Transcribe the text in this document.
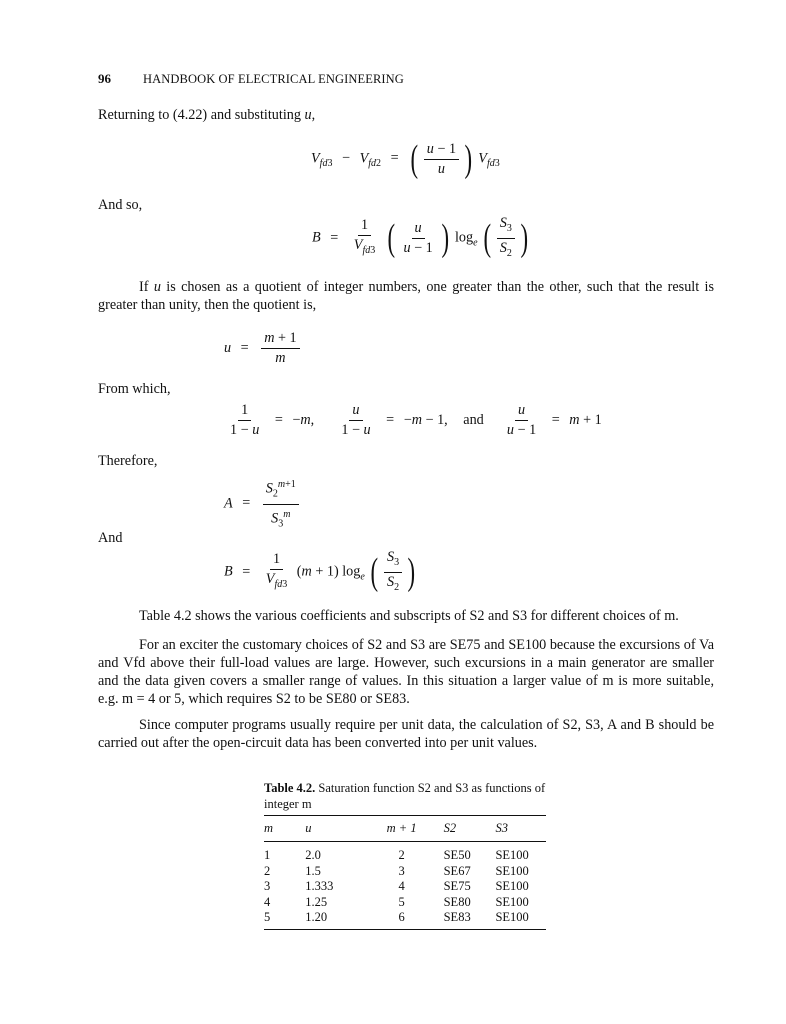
96	HANDBOOK OF ELECTRICAL ENGINEERING
Returning to (4.22) and substituting u,
$V_{fd3} - V_{fd2}$ = ( $\frac{u - 1}{u}$ ) $V_{fd3}$
And so,
$B = \frac{1}{V_{fd3}}$ ( $\frac{u}{u - 1}$ ) $\log_e$ ( $\frac{S_3}{S_2}$ )
If u is chosen as a quotient of integer numbers, one greater than the other, such that the result is greater than unity, then the quotient is,
$u = \frac{m + 1}{m}$
From which,
$\frac{1}{1 - u} = -m$, $\frac{u}{1 - u} = -m - 1$, and $\frac{u}{u - 1} = m + 1$
Therefore,
$A = \frac{S_2^{m+1}}{S_3^m}$
And
$B = \frac{1}{V_{fd3}} (m + 1)$ $\log_e$ ( $\frac{S_3}{S_2}$ )
Table 4.2 shows the various coefficients and subscripts of S2 and S3 for different choices of m.
For an exciter the customary choices of S2 and S3 are SE75 and SE100 because the excursions of Va and Vfd above their full-load values are large. However, such excursions in a main generator are smaller and the data given covers a smaller range of values. In this situation a larger value of m is more suitable, e.g. m = 4 or 5, which requires S2 to be SE80 or SE83.
Since computer programs usually require per unit data, the calculation of S2, S3, A and B should be carried out after the open-circuit data has been converted into per unit values.
Table 4.2. Saturation function S2 and S3 as functions of integer m
m	u	m + 1	S2	S3
1	2.0	2	SE50	SE100
2	1.5	3	SE67	SE100
3	1.333	4	SE75	SE100
4	1.25	5	SE80	SE100
5	1.20	6	SE83	SE100
